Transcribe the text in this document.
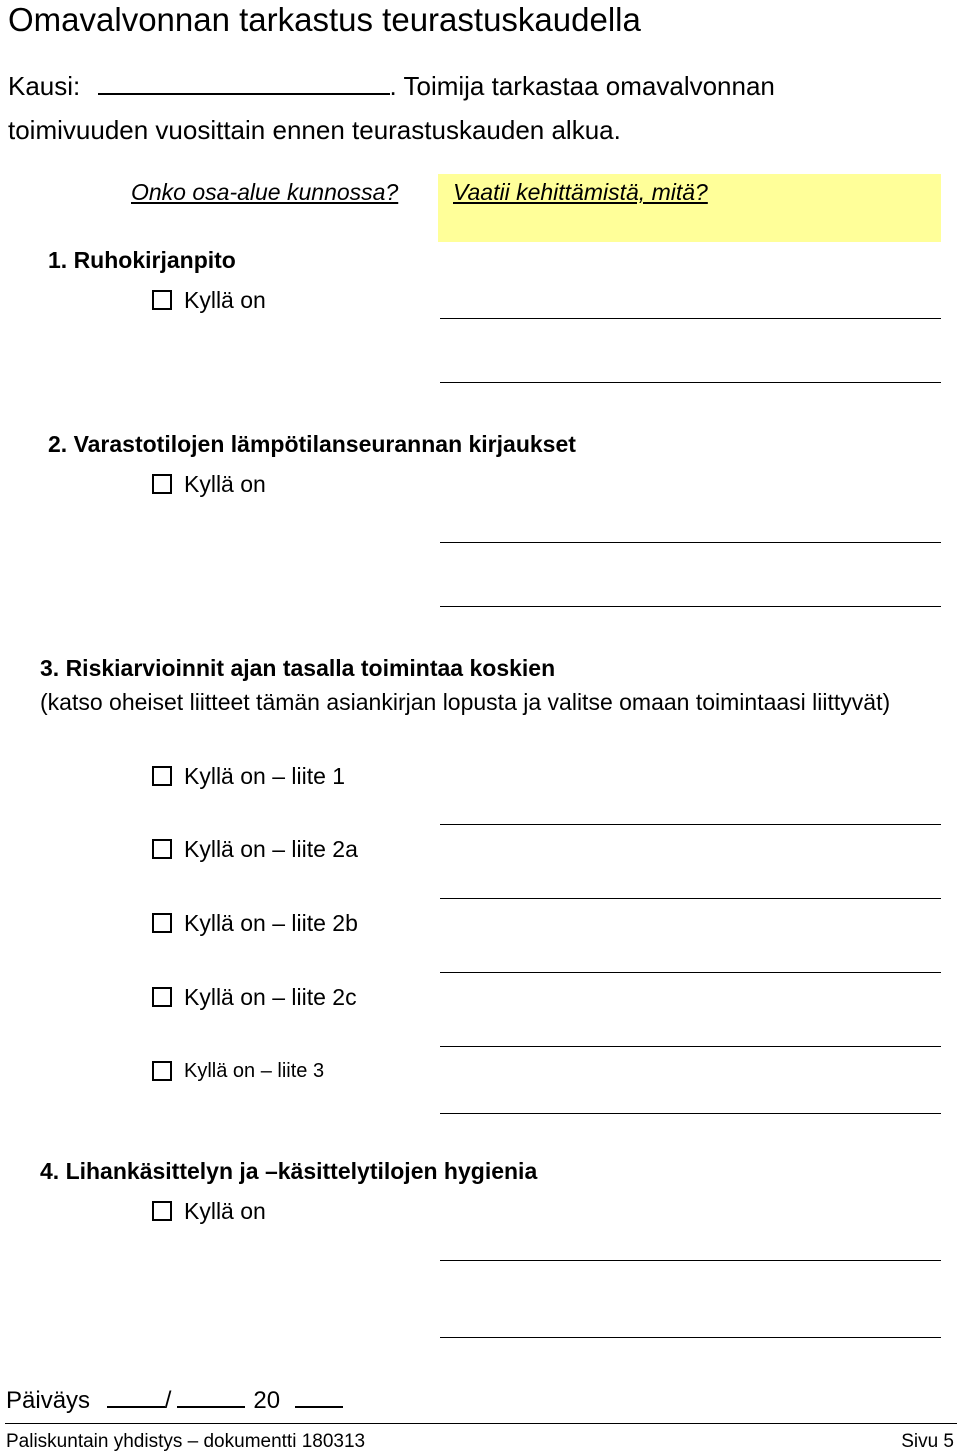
Omavalvonnan tarkastus teurastuskaudella
Kausi:	. Toimija tarkastaa omavalvonnan
toimivuuden vuosittain ennen teurastuskauden alkua.
Onko osa-alue kunnossa? Vaatii kehittämistä, mitä?
1. Ruhokirjanpito
Kyllä on
2. Varastotilojen lämpötilanseurannan kirjaukset
Kyllä on
3. Riskiarvioinnit ajan tasalla toimintaa koskien
(katso oheiset liitteet tämän asiankirjan lopusta ja valitse omaan toimintaasi liittyvät)
Kyllä on – liite 1
Kyllä on – liite 2a
Kyllä on – liite 2b
Kyllä on – liite 2c
Kyllä on – liite 3
4. Lihankäsittelyn ja –käsittelytilojen hygienia
Kyllä on
Päiväys	/	20
Paliskuntain yhdistys – dokumentti 180313	Sivu 5
